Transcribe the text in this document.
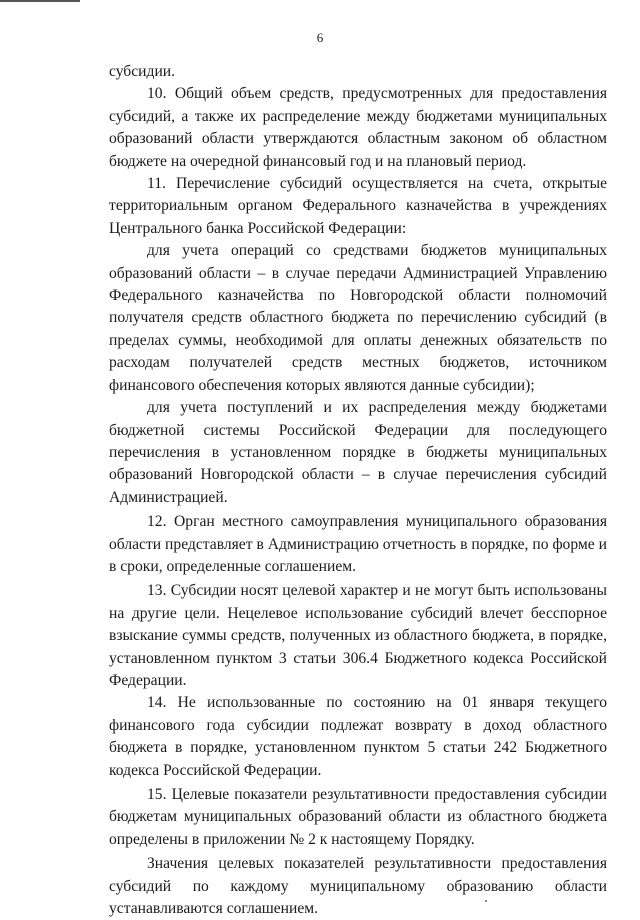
6

субсидии.

10. Общий объем средств, предусмотренных для предоставления субсидий, а также их распределение между бюджетами муниципальных образований области утверждаются областным законом об областном бюджете на очередной финансовый год и на плановый период.

11. Перечисление субсидий осуществляется на счета, открытые территориальным органом Федерального казначейства в учреждениях Центрального банка Российской Федерации:

для учета операций со средствами бюджетов муниципальных образований области – в случае передачи Администрацией Управлению Федерального казначейства по Новгородской области полномочий получателя средств областного бюджета по перечислению субсидий (в пределах суммы, необходимой для оплаты денежных обязательств по расходам получателей средств местных бюджетов, источником финансового обеспечения которых являются данные субсидии);

для учета поступлений и их распределения между бюджетами бюджетной системы Российской Федерации для последующего перечисления в установленном порядке в бюджеты муниципальных образований Новгородской области – в случае перечисления субсидий Администрацией.

12. Орган местного самоуправления муниципального образования области представляет в Администрацию отчетность в порядке, по форме и в сроки, определенные соглашением.

13. Субсидии носят целевой характер и не могут быть использованы на другие цели. Нецелевое использование субсидий влечет бесспорное взыскание суммы средств, полученных из областного бюджета, в порядке, установленном пунктом 3 статьи 306.4 Бюджетного кодекса Российской Федерации.

14. Не использованные по состоянию на 01 января текущего финансового года субсидии подлежат возврату в доход областного бюджета в порядке, установленном пунктом 5 статьи 242 Бюджетного кодекса Российской Федерации.

15. Целевые показатели результативности предоставления субсидии бюджетам муниципальных образований области из областного бюджета определены в приложении № 2 к настоящему Порядку.

Значения целевых показателей результативности предоставления субсидий по каждому муниципальному образованию области устанавливаются соглашением.
